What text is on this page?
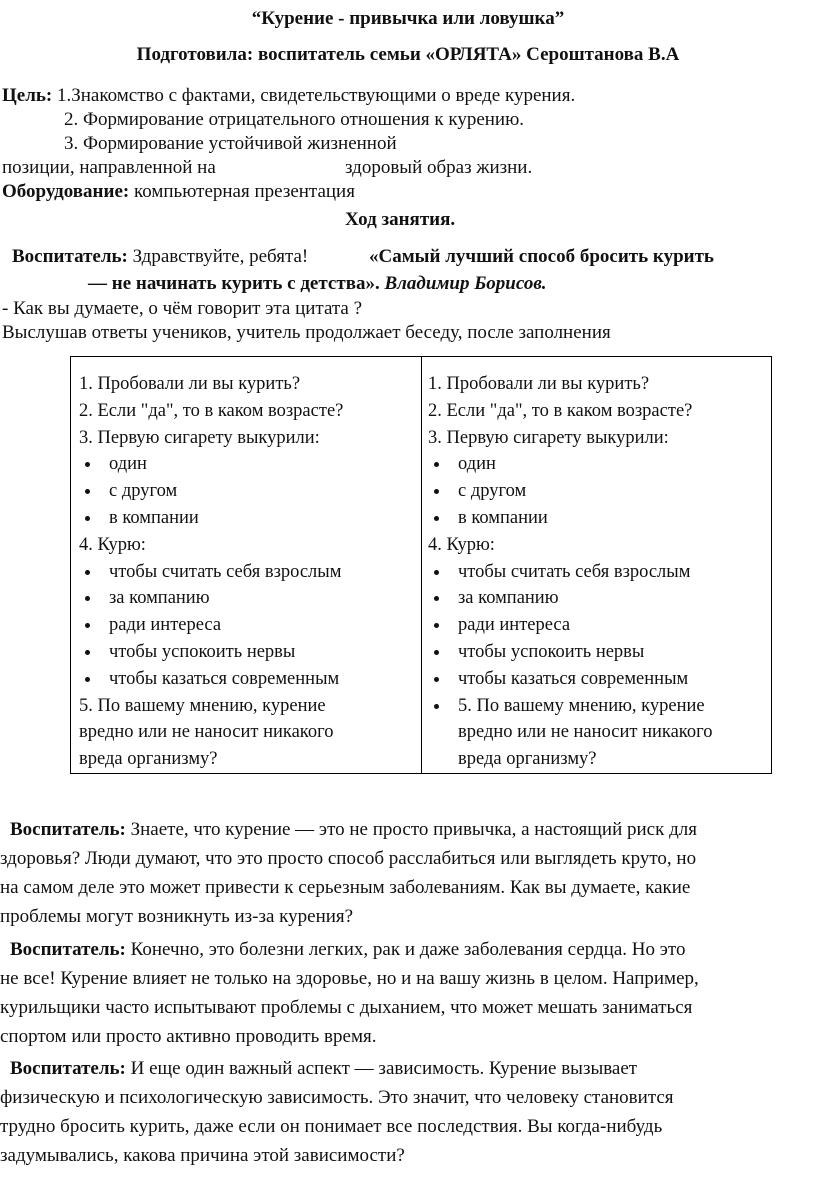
“Курение - привычка или ловушка”
Подготовила: воспитатель семьи «ОРЛЯТА» Сероштанова В.А
Цель: 1.Знакомство с фактами, свидетельствующими о вреде курения.
2. Формирование отрицательного отношения к курению.
3. Формирование устойчивой жизненной
позиции, направленной на	здоровый образ жизни.
Оборудование: компьютерная презентация
Ход занятия.
Воспитатель: Здравствуйте, ребята!	«Самый лучший способ бросить курить
— не начинать курить с детства». Владимир Борисов.
- Как вы думаете, о чём говорит эта цитата ?
Выслушав ответы учеников, учитель продолжает беседу, после заполнения
1. Пробовали ли вы курить?
2. Если "да", то в каком возрасте?
3. Первую сигарету выкурили:
один
с другом
в компании
4. Курю:
чтобы считать себя взрослым
за компанию
ради интереса
чтобы успокоить нервы
чтобы казаться современным
5. По вашему мнению, курение
вредно или не наносит никакого
вреда организму?
1. Пробовали ли вы курить?
2. Если "да", то в каком возрасте?
3. Первую сигарету выкурили:
один
с другом
в компании
4. Курю:
чтобы считать себя взрослым
за компанию
ради интереса
чтобы успокоить нервы
чтобы казаться современным
5. По вашему мнению, курение
вредно или не наносит никакого
вреда организму?
Воспитатель: Знаете, что курение — это не просто привычка, а настоящий риск для
здоровья? Люди думают, что это просто способ расслабиться или выглядеть круто, но
на самом деле это может привести к серьезным заболеваниям. Как вы думаете, какие
проблемы могут возникнуть из-за курения?
Воспитатель: Конечно, это болезни легких, рак и даже заболевания сердца. Но это
не все! Курение влияет не только на здоровье, но и на вашу жизнь в целом. Например,
курильщики часто испытывают проблемы с дыханием, что может мешать заниматься
спортом или просто активно проводить время.
Воспитатель: И еще один важный аспект — зависимость. Курение вызывает
физическую и психологическую зависимость. Это значит, что человеку становится
трудно бросить курить, даже если он понимает все последствия. Вы когда-нибудь
задумывались, какова причина этой зависимости?
